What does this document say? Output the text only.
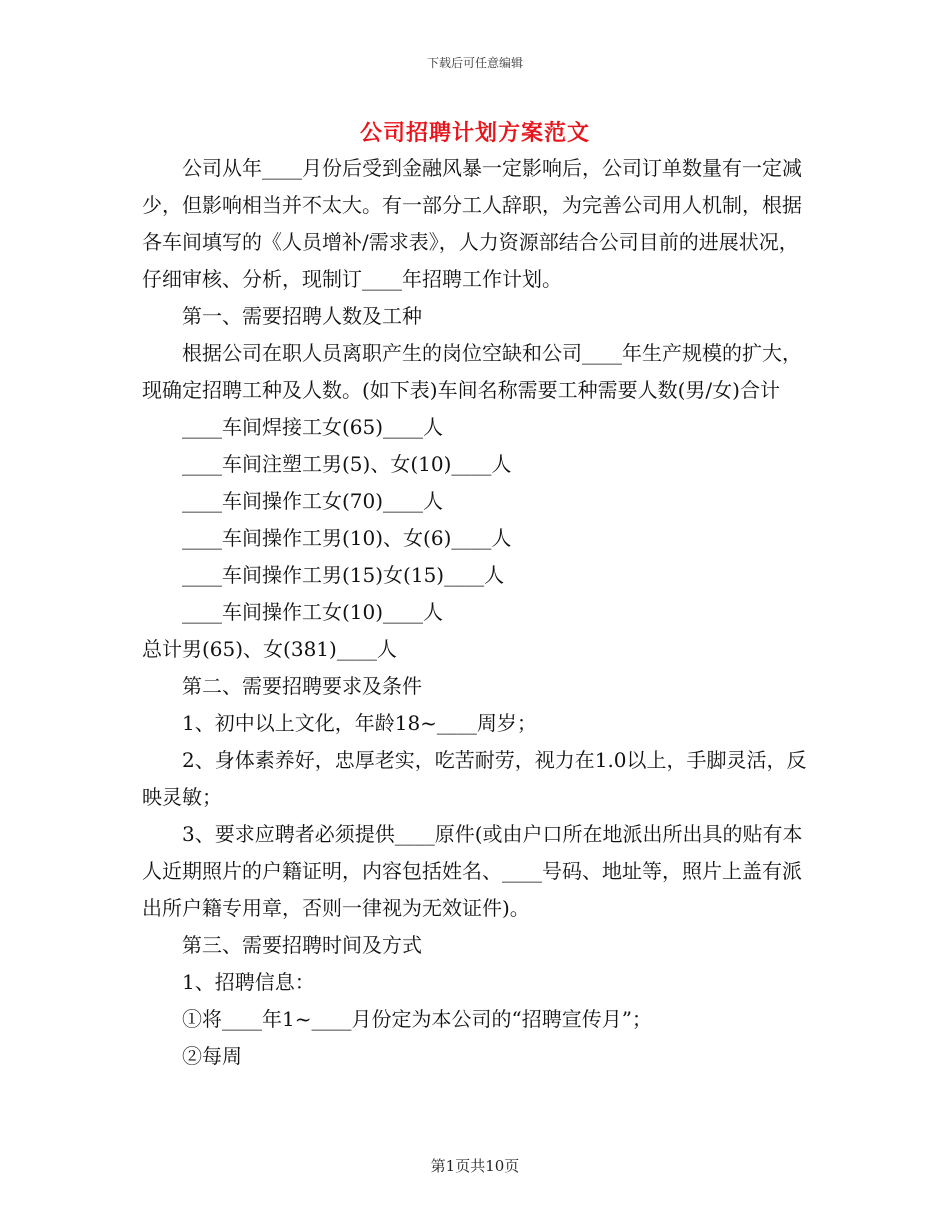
下载后可任意编辑
公司招聘计划方案范文

公司从年____月份后受到金融风暴一定影响后，公司订单数量有一定减少，但影响相当并不太大。有一部分工人辞职，为完善公司用人机制，根据各车间填写的《人员增补/需求表》，人力资源部结合公司目前的进展状况，仔细审核、分析，现制订____年招聘工作计划。

第一、需要招聘人数及工种

根据公司在职人员离职产生的岗位空缺和公司____年生产规模的扩大，现确定招聘工种及人数。(如下表)车间名称需要工种需要人数(男/女)合计

____车间焊接工女(65)____人

____车间注塑工男(5)、女(10)____人

____车间操作工女(70)____人

____车间操作工男(10)、女(6)____人

____车间操作工男(15)女(15)____人

____车间操作工女(10)____人

总计男(65)、女(381)____人

第二、需要招聘要求及条件

1、初中以上文化，年龄18~____周岁；

2、身体素养好，忠厚老实，吃苦耐劳，视力在1.0以上，手脚灵活，反映灵敏；

3、要求应聘者必须提供____原件(或由户口所在地派出所出具的贴有本人近期照片的户籍证明，内容包括姓名、____号码、地址等，照片上盖有派出所户籍专用章，否则一律视为无效证件)。

第三、需要招聘时间及方式

1、招聘信息：

①将____年1~____月份定为本公司的“招聘宣传月”；

②每周

第1页共10页
